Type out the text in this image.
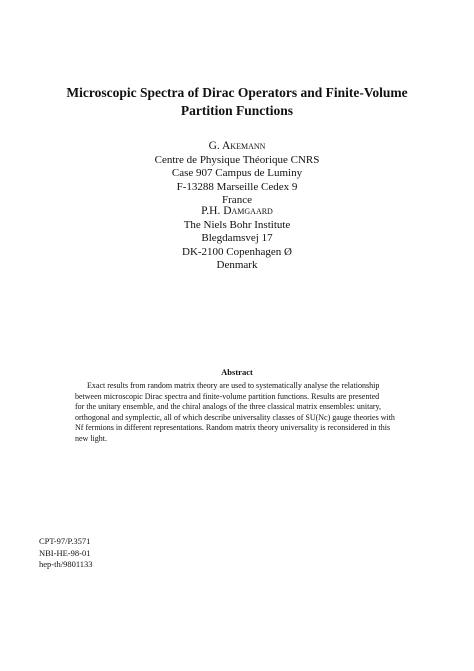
Microscopic Spectra of Dirac Operators and Finite-Volume
Partition Functions
G. Akemann
Centre de Physique Théorique CNRS
Case 907 Campus de Luminy
F-13288 Marseille Cedex 9
France
P.H. Damgaard
The Niels Bohr Institute
Blegdamsvej 17
DK-2100 Copenhagen Ø
Denmark
Abstract
Exact results from random matrix theory are used to systematically analyse the relationship
between microscopic Dirac spectra and finite-volume partition functions. Results are presented
for the unitary ensemble, and the chiral analogs of the three classical matrix ensembles: unitary,
orthogonal and symplectic, all of which describe universality classes of SU(Nc) gauge theories with
Nf fermions in different representations. Random matrix theory universality is reconsidered in this
new light.
CPT-97/P.3571
NBI-HE-98-01
hep-th/9801133
